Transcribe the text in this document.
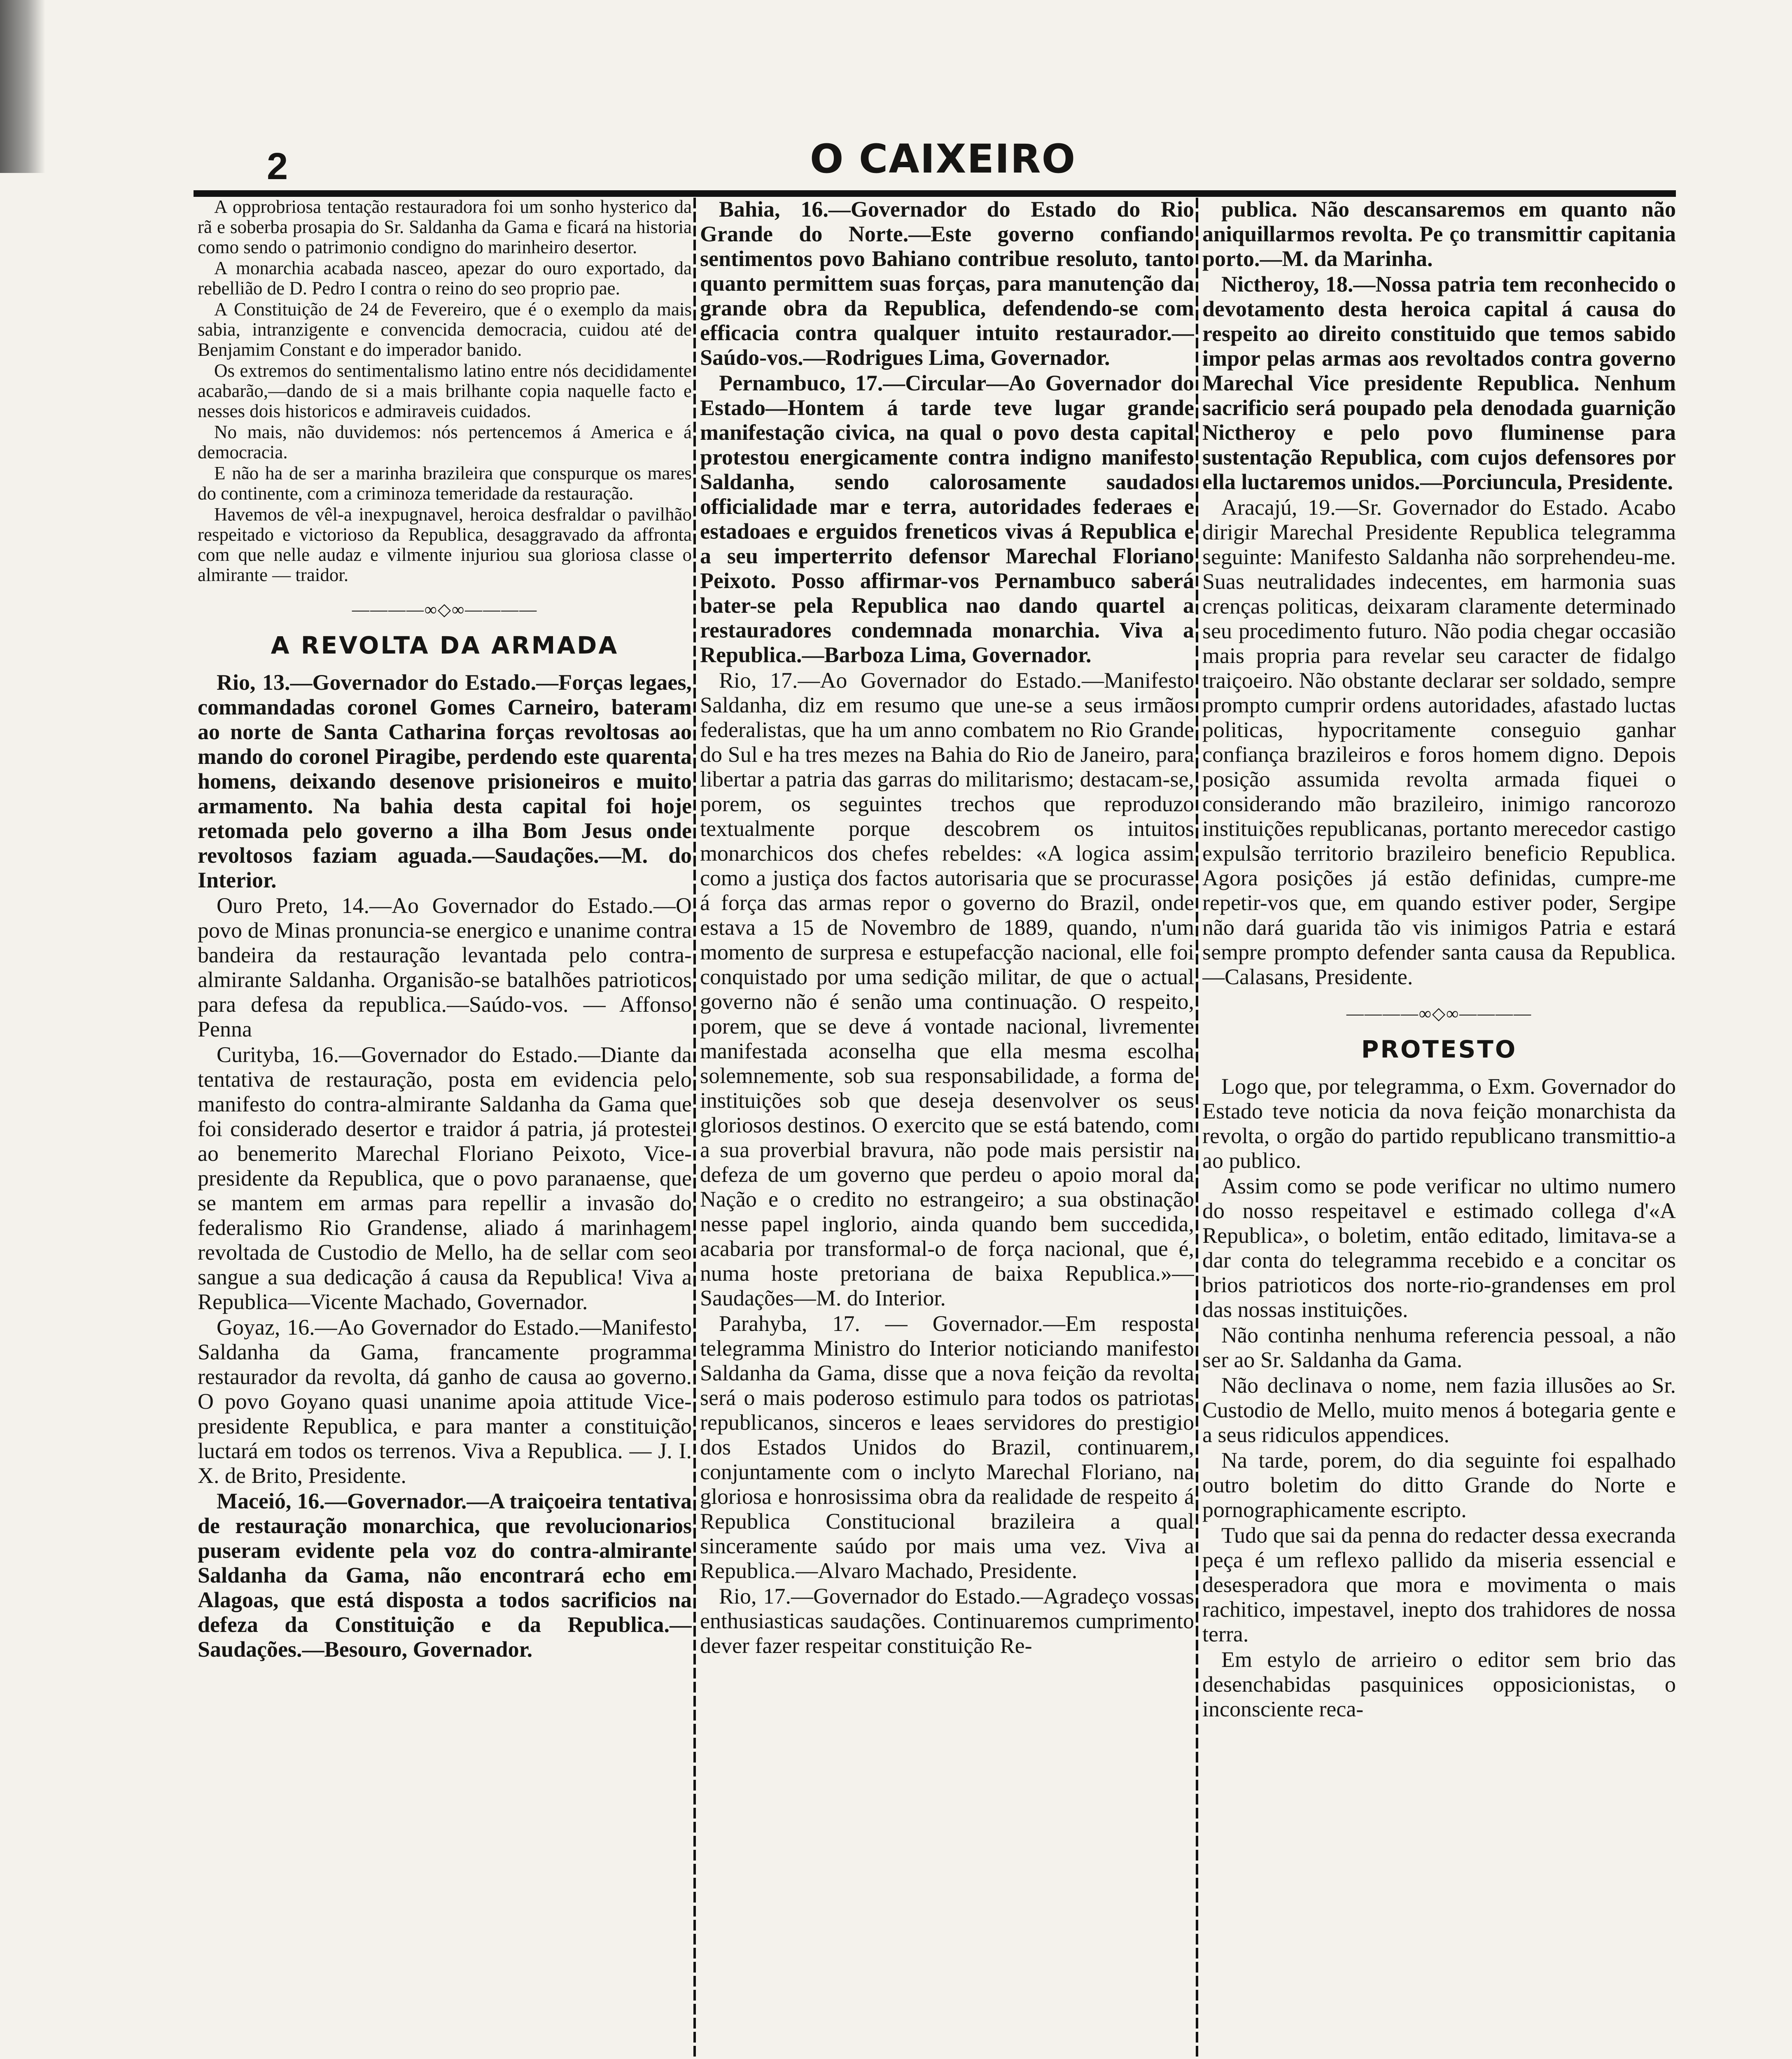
2	O CAIXEIRO

A opprobriosa tentação restauradora foi um sonho hysterico da rã e soberba prosapia do Sr. Saldanha da Gama e ficará na historia como sendo o patrimonio condigno do marinheiro desertor.

A monarchia acabada nasceo, apezar do ouro exportado, da rebellião de D. Pedro I contra o reino do seo proprio pae.

A Constituição de 24 de Fevereiro, que é o exemplo da mais sabia, intranzigente e convencida democracia, cuidou até de Benjamim Constant e do imperador banido.

Os extremos do sentimentalismo latino entre nós decididamente acabarão,—dando de si a mais brilhante copia naquelle facto e nesses dois historicos e admiraveis cuidados.

No mais, não duvidemos: nós pertencemos á America e á democracia.

E não ha de ser a marinha brazileira que conspurque os mares do continente, com a criminoza temeridade da restauração.

Havemos de vêl-a inexpugnavel, heroica desfraldar o pavilhão respeitado e victorioso da Republica, desaggravado da affronta com que nelle audaz e vilmente injuriou sua gloriosa classe o almirante — traidor.

————∞◇∞————
A REVOLTA DA ARMADA

Rio, 13.—Governador do Estado.—Forças legaes, commandadas coronel Gomes Carneiro, bateram ao norte de Santa Catharina forças revoltosas ao mando do coronel Piragibe, perdendo este quarenta homens, deixando desenove prisioneiros e muito armamento. Na bahia desta capital foi hoje retomada pelo governo a ilha Bom Jesus onde revoltosos faziam aguada.—Saudações.—M. do Interior.

Ouro Preto, 14.—Ao Governador do Estado.—O povo de Minas pronuncia-se energico e unanime contra bandeira da restauração levantada pelo contra-almirante Saldanha. Organisão-se batalhões patrioticos para defesa da republica.—Saúdo-vos. — Affonso Penna

Curityba, 16.—Governador do Estado.—Diante da tentativa de restauração, posta em evidencia pelo manifesto do contra-almirante Saldanha da Gama que foi considerado desertor e traidor á patria, já protestei ao benemerito Marechal Floriano Peixoto, Vice-presidente da Republica, que o povo paranaense, que se mantem em armas para repellir a invasão do federalismo Rio Grandense, aliado á marinhagem revoltada de Custodio de Mello, ha de sellar com seo sangue a sua dedicação á causa da Republica! Viva a Republica—Vicente Machado, Governador.

Goyaz, 16.—Ao Governador do Estado.—Manifesto Saldanha da Gama, francamente programma restaurador da revolta, dá ganho de causa ao governo. O povo Goyano quasi unanime apoia attitude Vice-presidente Republica, e para manter a constituição luctará em todos os terrenos. Viva a Republica. — J. I. X. de Brito, Presidente.

Maceió, 16.—Governador.—A traiçoeira tentativa de restauração monarchica, que revolucionarios puseram evidente pela voz do contra-almirante Saldanha da Gama, não encontrará echo em Alagoas, que está disposta a todos sacrificios na defeza da Constituição e da Republica.— Saudações.—Besouro, Governador.

Bahia, 16.—Governador do Estado do Rio Grande do Norte.—Este governo confiando sentimentos povo Bahiano contribue resoluto, tanto quanto permittem suas forças, para manutenção da grande obra da Republica, defendendo-se com efficacia contra qualquer intuito restaurador.—Saúdo-vos.—Rodrigues Lima, Governador.

Pernambuco, 17.—Circular—Ao Governador do Estado—Hontem á tarde teve lugar grande manifestação civica, na qual o povo desta capital protestou energicamente contra indigno manifesto Saldanha, sendo calorosamente saudados officialidade mar e terra, autoridades federaes e estadoaes e erguidos freneticos vivas á Republica e a seu imperterrito defensor Marechal Floriano Peixoto. Posso affirmar-vos Pernambuco saberá bater-se pela Republica nao dando quartel a restauradores condemnada monarchia. Viva a Republica.—Barboza Lima, Governador.

Rio, 17.—Ao Governador do Estado.—Manifesto Saldanha, diz em resumo que une-se a seus irmãos federalistas, que ha um anno combatem no Rio Grande do Sul e ha tres mezes na Bahia do Rio de Janeiro, para libertar a patria das garras do militarismo; destacam-se, porem, os seguintes trechos que reproduzo textualmente porque descobrem os intuitos monarchicos dos chefes rebeldes: «A logica assim como a justiça dos factos autorisaria que se procurasse á força das armas repor o governo do Brazil, onde estava a 15 de Novembro de 1889, quando, n'um momento de surpresa e estupefacção nacional, elle foi conquistado por uma sedição militar, de que o actual governo não é senão uma continuação. O respeito, porem, que se deve á vontade nacional, livremente manifestada aconselha que ella mesma escolha solemnemente, sob sua responsabilidade, a forma de instituições sob que deseja desenvolver os seus gloriosos destinos. O exercito que se está batendo, com a sua proverbial bravura, não pode mais persistir na defeza de um governo que perdeu o apoio moral da Nação e o credito no estrangeiro; a sua obstinação nesse papel inglorio, ainda quando bem succedida, acabaria por transformal-o de força nacional, que é, numa hoste pretoriana de baixa Republica.»—Saudações—M. do Interior.

Parahyba, 17. — Governador.—Em resposta telegramma Ministro do Interior noticiando manifesto Saldanha da Gama, disse que a nova feição da revolta será o mais poderoso estimulo para todos os patriotas republicanos, sinceros e leaes servidores do prestigio dos Estados Unidos do Brazil, continuarem, conjuntamente com o inclyto Marechal Floriano, na gloriosa e honrosissima obra da realidade de respeito á Republica Constitucional brazileira a qual sinceramente saúdo por mais uma vez. Viva a Republica.—Alvaro Machado, Presidente.

Rio, 17.—Governador do Estado.—Agradeço vossas enthusiasticas saudações. Continuaremos cumprimento dever fazer respeitar constituição Re-

publica. Não descansaremos em quanto não aniquillarmos revolta. Pe ço transmittir capitania porto.—M. da Marinha.

Nictheroy, 18.—Nossa patria tem reconhecido o devotamento desta heroica capital á causa do respeito ao direito constituido que temos sabido impor pelas armas aos revoltados contra governo Marechal Vice presidente Republica. Nenhum sacrificio será poupado pela denodada guarnição Nictheroy e pelo povo fluminense para sustentação Republica, com cujos defensores por ella luctaremos unidos.—Porciuncula, Presidente.

Aracajú, 19.—Sr. Governador do Estado. Acabo dirigir Marechal Presidente Republica telegramma seguinte: Manifesto Saldanha não sorprehendeu-me. Suas neutralidades indecentes, em harmonia suas crenças politicas, deixaram claramente determinado seu procedimento futuro. Não podia chegar occasião mais propria para revelar seu caracter de fidalgo traiçoeiro. Não obstante declarar ser soldado, sempre prompto cumprir ordens autoridades, afastado luctas politicas, hypocritamente conseguio ganhar confiança brazileiros e foros homem digno. Depois posição assumida revolta armada fiquei o considerando mão brazileiro, inimigo rancorozo instituições republicanas, portanto merecedor castigo expulsão territorio brazileiro beneficio Republica. Agora posições já estão definidas, cumpre-me repetir-vos que, em quando estiver poder, Sergipe não dará guarida tão vis inimigos Patria e estará sempre prompto defender santa causa da Republica.—Calasans, Presidente.

————∞◇∞————
PROTESTO

Logo que, por telegramma, o Exm. Governador do Estado teve noticia da nova feição monarchista da revolta, o orgão do partido republicano transmittio-a ao publico.

Assim como se pode verificar no ultimo numero do nosso respeitavel e estimado collega d'«A Republica», o boletim, então editado, limitava-se a dar conta do telegramma recebido e a concitar os brios patrioticos dos norte-rio-grandenses em prol das nossas instituições.

Não continha nenhuma referencia pessoal, a não ser ao Sr. Saldanha da Gama.

Não declinava o nome, nem fazia illusões ao Sr. Custodio de Mello, muito menos á botegaria gente e a seus ridiculos appendices.

Na tarde, porem, do dia seguinte foi espalhado outro boletim do ditto Grande do Norte e pornographicamente escripto.

Tudo que sai da penna do redacter dessa execranda peça é um reflexo pallido da miseria essencial e desesperadora que mora e movimenta o mais rachitico, impestavel, inepto dos trahidores de nossa terra.

Em estylo de arrieiro o editor sem brio das desenchabidas pasquinices opposicionistas, o inconsciente reca-
